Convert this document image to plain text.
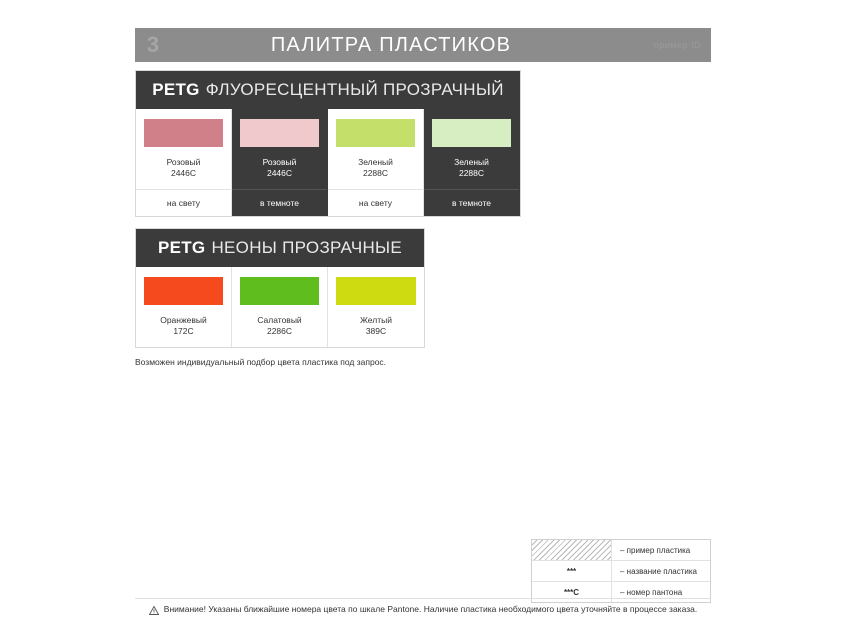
3	ПАЛИТРА ПЛАСТИКОВ	пример ID
PETG ФЛУОРЕСЦЕНТНЫЙ ПРОЗРАЧНЫЙ
Розовый
2446C
на свету
Розовый
2446C
в темноте
Зеленый
2288C
на свету
Зеленый
2288C
в темноте
PETG НЕОНЫ ПРОЗРАЧНЫЕ
Оранжевый
172C
Салатовый
2286C
Желтый
389C
Возможен индивидуальный подбор цвета пластика под запрос.
– пример пластика
***	– название пластика
***C	– номер пантона
Внимание! Указаны ближайшие номера цвета по шкале Pantone. Наличие пластика необходимого цвета уточняйте в процессе заказа.
